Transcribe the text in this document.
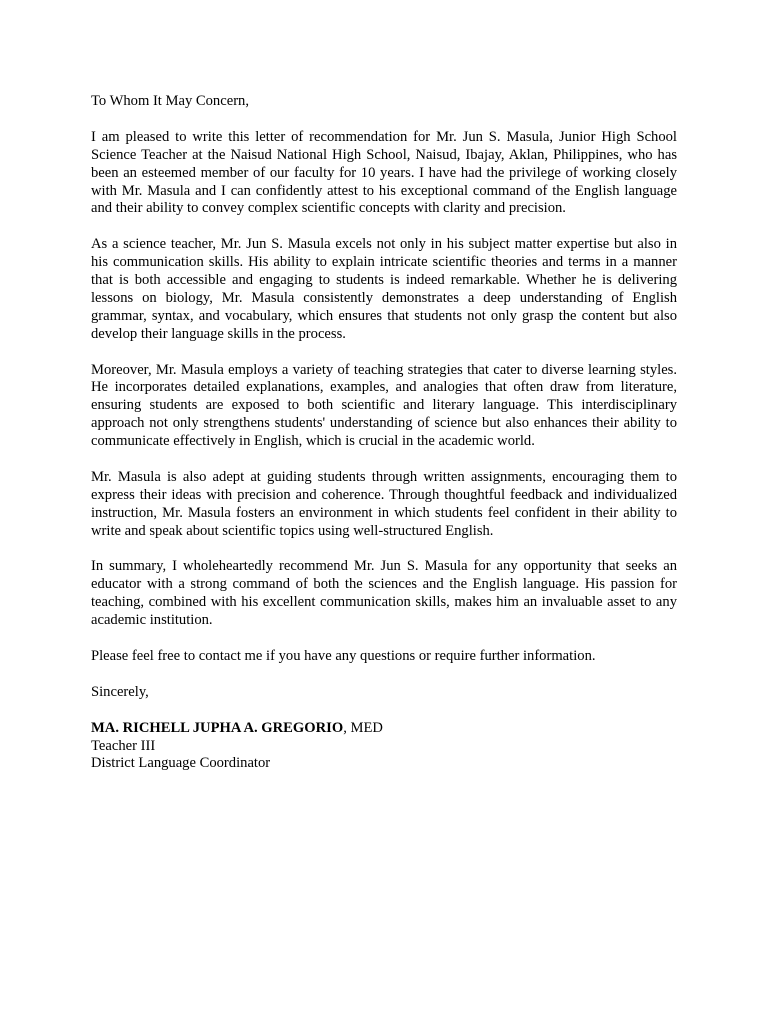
To Whom It May Concern,

I am pleased to write this letter of recommendation for Mr. Jun S. Masula, Junior High School Science Teacher at the Naisud National High School, Naisud, Ibajay, Aklan, Philippines, who has been an esteemed member of our faculty for 10 years. I have had the privilege of working closely with Mr. Masula and I can confidently attest to his exceptional command of the English language and their ability to convey complex scientific concepts with clarity and precision.

As a science teacher, Mr. Jun S. Masula excels not only in his subject matter expertise but also in his communication skills. His ability to explain intricate scientific theories and terms in a manner that is both accessible and engaging to students is indeed remarkable. Whether he is delivering lessons on biology, Mr. Masula consistently demonstrates a deep understanding of English grammar, syntax, and vocabulary, which ensures that students not only grasp the content but also develop their language skills in the process.

Moreover, Mr. Masula employs a variety of teaching strategies that cater to diverse learning styles. He incorporates detailed explanations, examples, and analogies that often draw from literature, ensuring students are exposed to both scientific and literary language. This interdisciplinary approach not only strengthens students' understanding of science but also enhances their ability to communicate effectively in English, which is crucial in the academic world.

Mr. Masula is also adept at guiding students through written assignments, encouraging them to express their ideas with precision and coherence. Through thoughtful feedback and individualized instruction, Mr. Masula fosters an environment in which students feel confident in their ability to write and speak about scientific topics using well-structured English.

In summary, I wholeheartedly recommend Mr. Jun S. Masula for any opportunity that seeks an educator with a strong command of both the sciences and the English language. His passion for teaching, combined with his excellent communication skills, makes him an invaluable asset to any academic institution.

Please feel free to contact me if you have any questions or require further information.

Sincerely,

MA. RICHELL JUPHA A. GREGORIO, MED

Teacher III

District Language Coordinator
